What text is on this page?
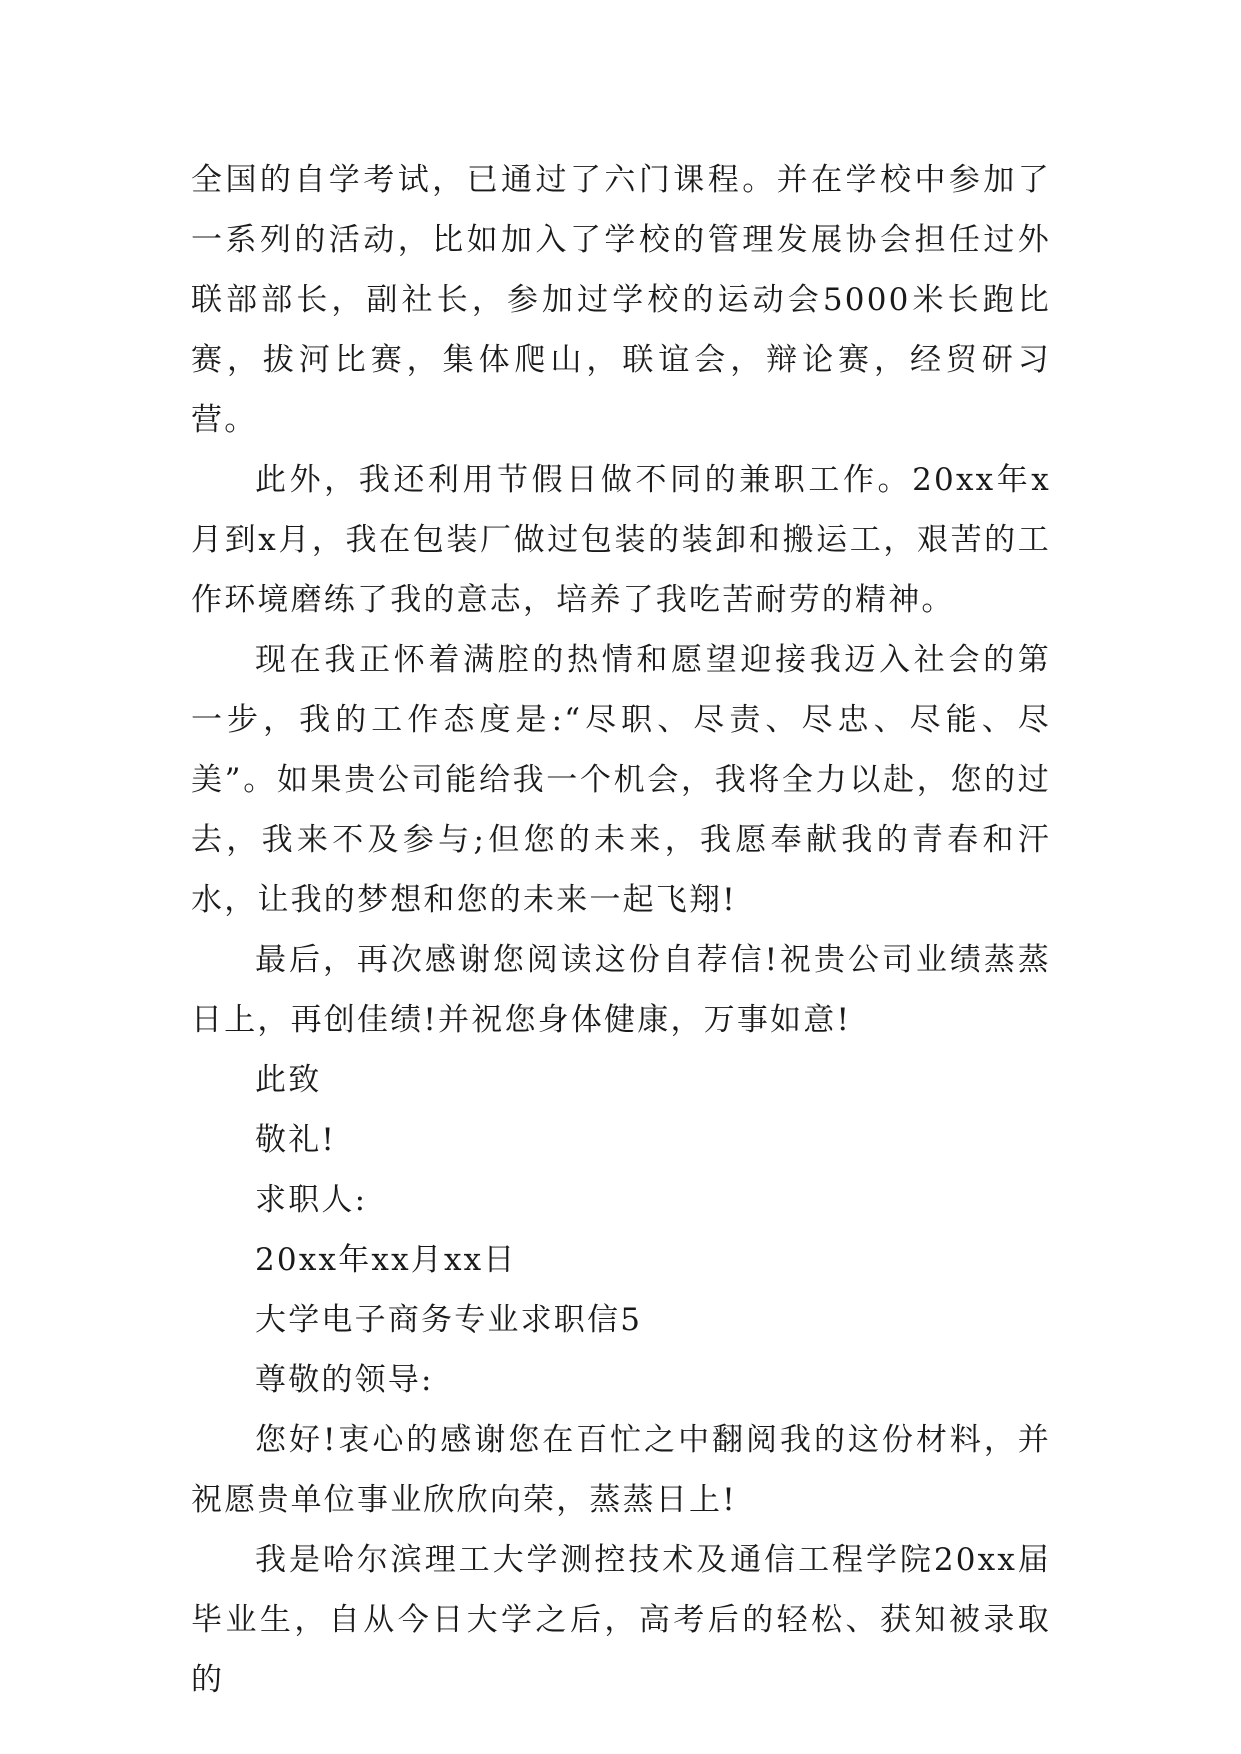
全国的自学考试，已通过了六门课程。并在学校中参加了一系列的活动，比如加入了学校的管理发展协会担任过外联部部长，副社长，参加过学校的运动会5000米长跑比赛，拔河比赛，集体爬山，联谊会，辩论赛，经贸研习营。

此外，我还利用节假日做不同的兼职工作。20xx年x月到x月，我在包装厂做过包装的装卸和搬运工，艰苦的工作环境磨练了我的意志，培养了我吃苦耐劳的精神。

现在我正怀着满腔的热情和愿望迎接我迈入社会的第一步，我的工作态度是:“尽职、尽责、尽忠、尽能、尽美”。如果贵公司能给我一个机会，我将全力以赴，您的过去，我来不及参与;但您的未来，我愿奉献我的青春和汗水，让我的梦想和您的未来一起飞翔!

最后，再次感谢您阅读这份自荐信!祝贵公司业绩蒸蒸日上，再创佳绩!并祝您身体健康，万事如意!

此致
敬礼!
求职人:
20xx年xx月xx日
大学电子商务专业求职信5
尊敬的领导:

您好!衷心的感谢您在百忙之中翻阅我的这份材料，并祝愿贵单位事业欣欣向荣，蒸蒸日上!

我是哈尔滨理工大学测控技术及通信工程学院20xx届毕业生，自从今日大学之后，高考后的轻松、获知被录取的
